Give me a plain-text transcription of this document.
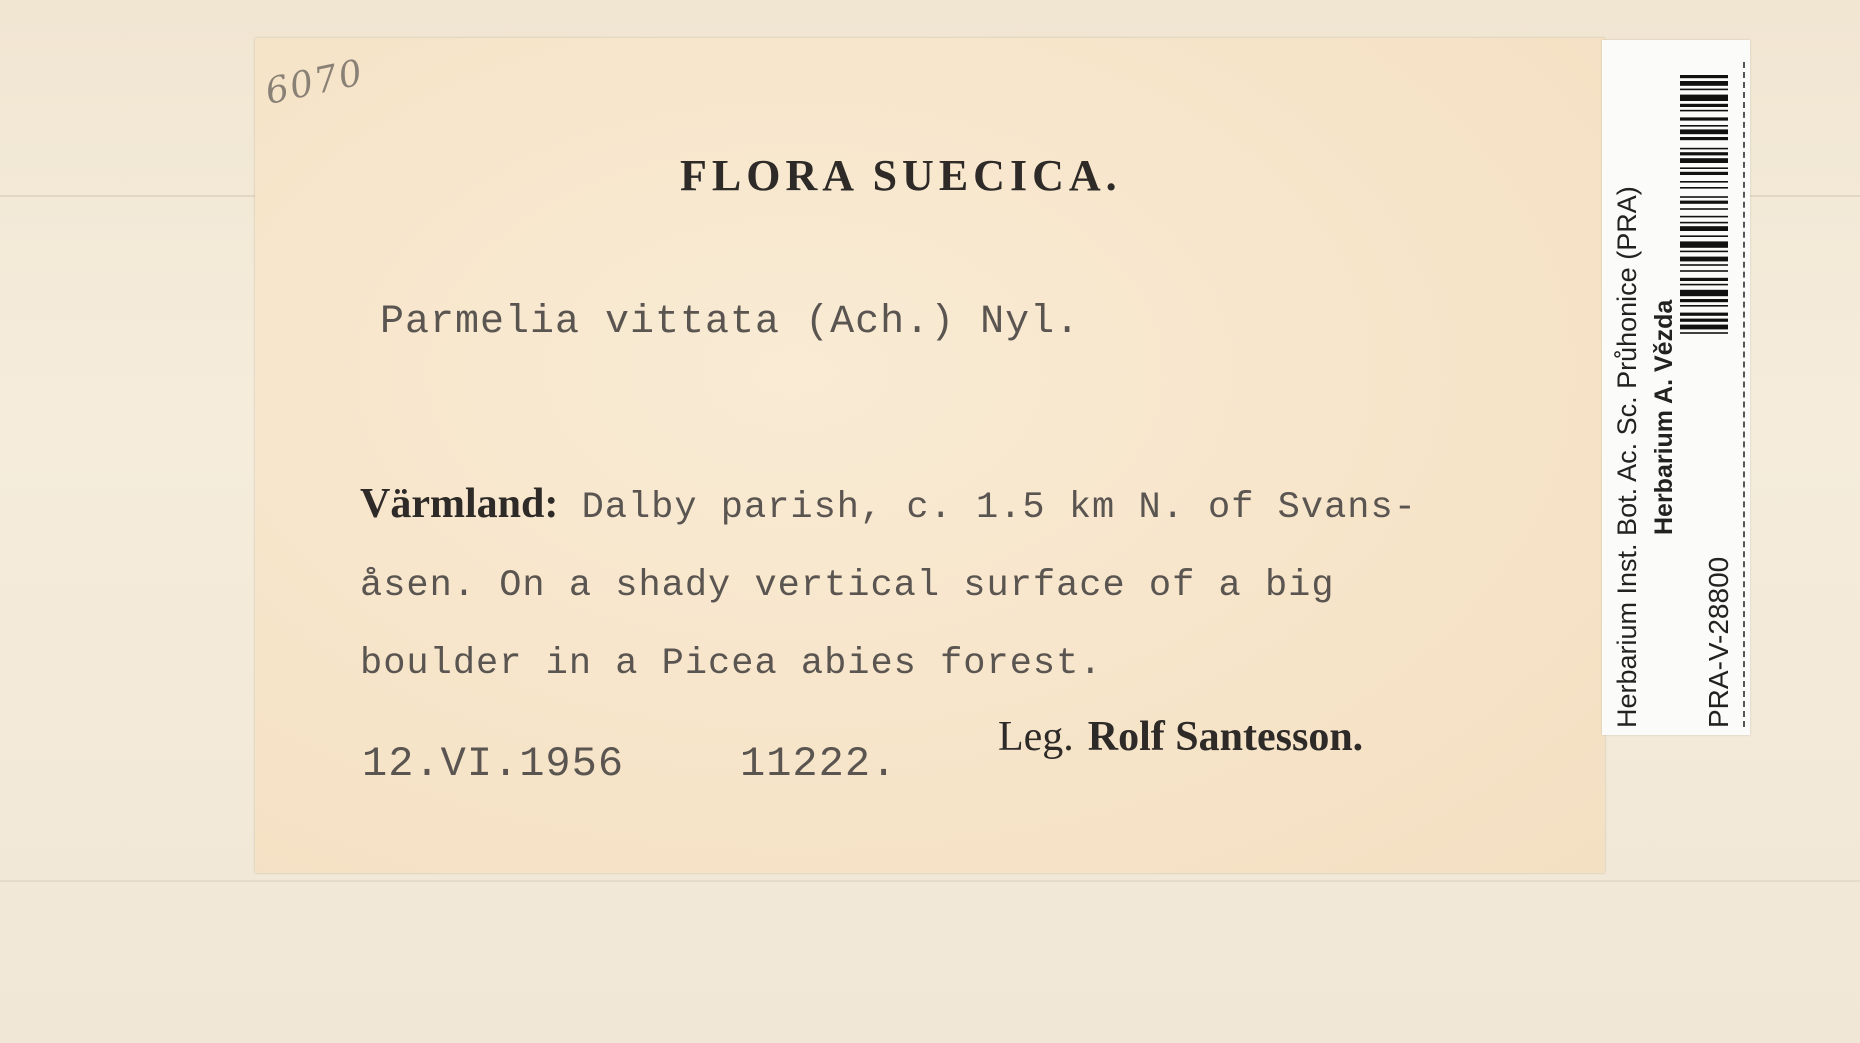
6070
FLORA SUECICA.
Parmelia vittata (Ach.) Nyl.
Värmland: Dalby parish, c. 1.5 km N. of Svans-
åsen. On a shady vertical surface of a big
boulder in a Picea abies forest.
12.VI.1956	11222.
Leg. Rolf Santesson.
Herbarium Inst. Bot. Ac. Sc. Průhonice (PRA) Herbarium A. Vězda
PRA-V-28800
